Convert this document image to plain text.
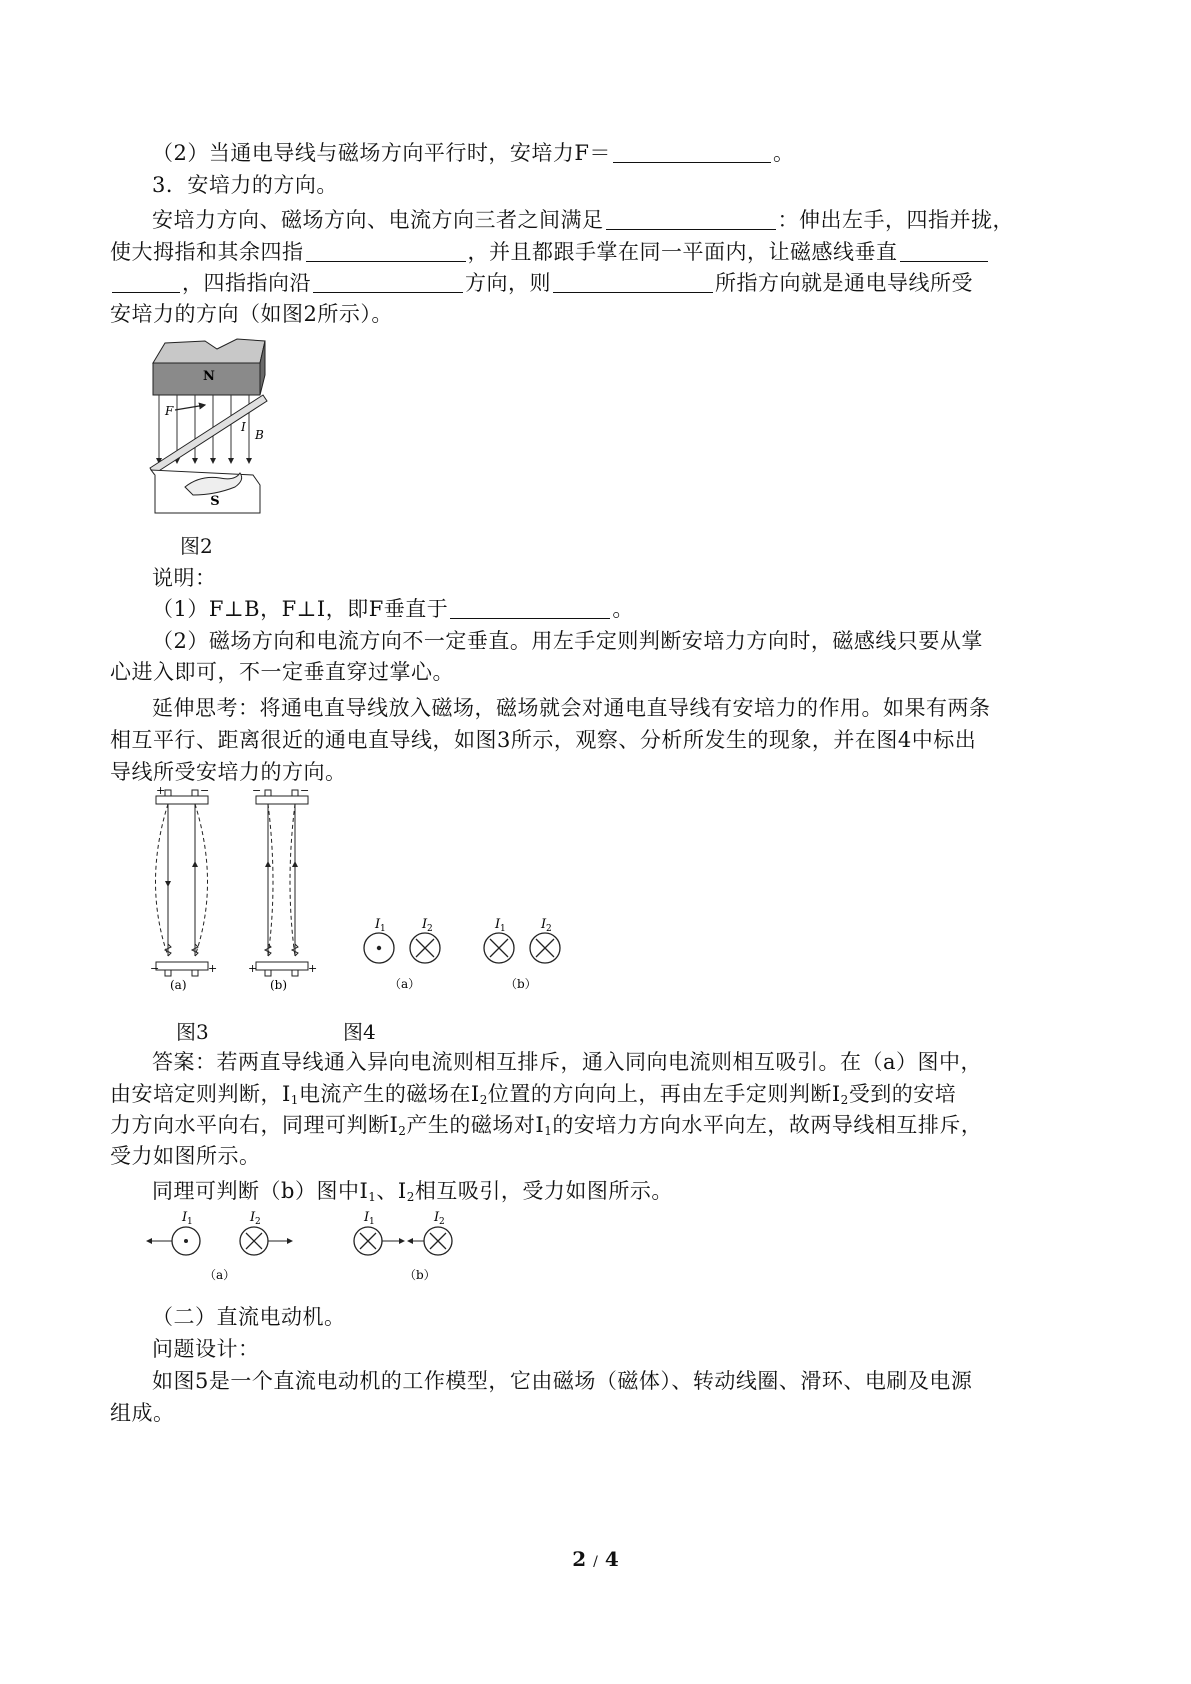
（2）当通电导线与磁场方向平行时，安培力F＝	。
3．安培力的方向。
安培力方向、磁场方向、电流方向三者之间满足	：伸出左手，四指并拢，
使大拇指和其余四指	，并且都跟手掌在同一平面内，让磁感线垂直
，四指指向沿	方向，则	所指方向就是通电导线所受
安培力的方向（如图2所示）。
N
S
F
I
B
图2
说明：
（1）F⊥B，F⊥I，即F垂直于	。
（2）磁场方向和电流方向不一定垂直。用左手定则判断安培力方向时，磁感线只要从掌
心进入即可，不一定垂直穿过掌心。
延伸思考：将通电直导线放入磁场，磁场就会对通电直导线有安培力的作用。如果有两条
相互平行、距离很近的通电直导线，如图3所示，观察、分析所发生的现象，并在图4中标出
导线所受安培力的方向。
+	−
−	+
(a)
−	−
+	+
(b)
I 1	I 2
（a）
I 1	I 2
（b）
图3	图4
答案：若两直导线通入异向电流则相互排斥，通入同向电流则相互吸引。在（a）图中，
由安培定则判断，$I_1$电流产生的磁场在$I_2$位置的方向向上，再由左手定则判断$I_2$受到的安培
力方向水平向右，同理可判断$I_2$产生的磁场对$I_1$的安培力方向水平向左，故两导线相互排斥，
受力如图所示。
同理可判断（b）图中$I_1$、$I_2$相互吸引，受力如图所示。
I 1	I 2
（a）
I 1	I 2
（b）
（二）直流电动机。
问题设计：
如图5是一个直流电动机的工作模型，它由磁场（磁体）、转动线圈、滑环、电刷及电源
组成。
2 / 4
